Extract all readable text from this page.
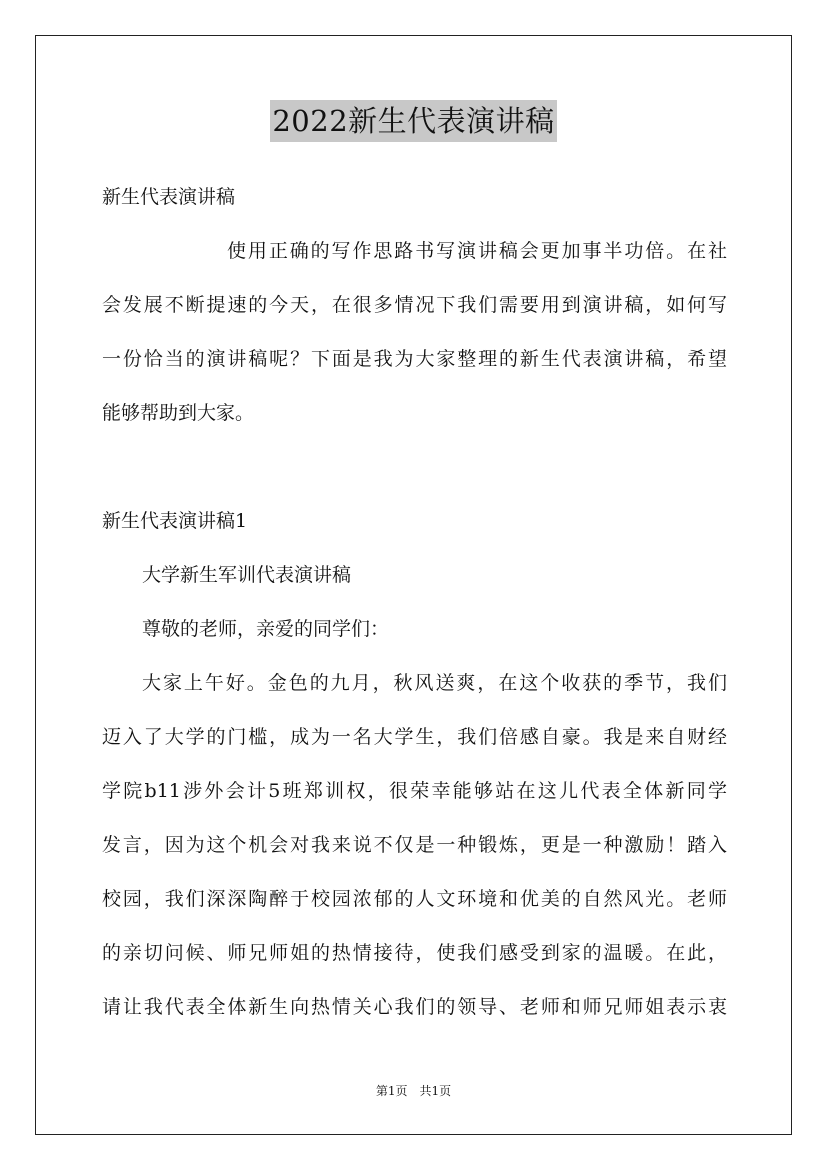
2022新生代表演讲稿
新生代表演讲稿
使用正确的写作思路书写演讲稿会更加事半功倍。在社
会发展不断提速的今天，在很多情况下我们需要用到演讲稿，如何写
一份恰当的演讲稿呢？下面是我为大家整理的新生代表演讲稿，希望
能够帮助到大家。
新生代表演讲稿1
大学新生军训代表演讲稿
尊敬的老师，亲爱的同学们：
大家上午好。金色的九月，秋风送爽，在这个收获的季节，我们
迈入了大学的门槛，成为一名大学生，我们倍感自豪。我是来自财经
学院b11涉外会计5班郑训权，很荣幸能够站在这儿代表全体新同学
发言，因为这个机会对我来说不仅是一种锻炼，更是一种激励！踏入
校园，我们深深陶醉于校园浓郁的人文环境和优美的自然风光。老师
的亲切问候、师兄师姐的热情接待，使我们感受到家的温暖。在此，
请让我代表全体新生向热情关心我们的领导、老师和师兄师姐表示衷
第1页　共1页
